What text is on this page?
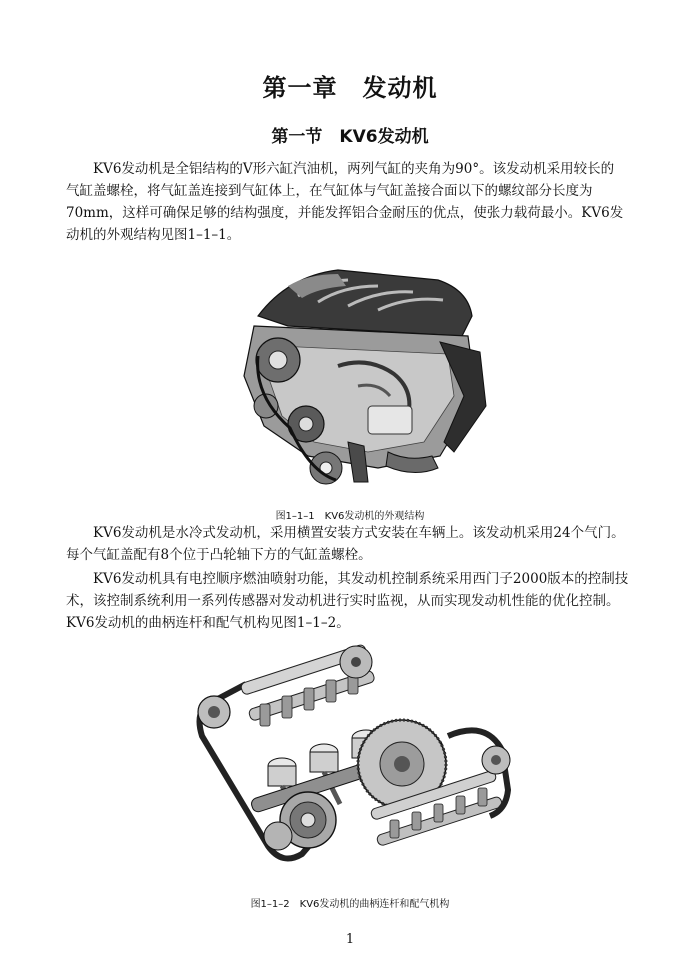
第一章　发动机
第一节　KV6发动机

KV6发动机是全铝结构的V形六缸汽油机，两列气缸的夹角为90°。该发动机采用较长的
气缸盖螺栓，将气缸盖连接到气缸体上，在气缸体与气缸盖接合面以下的螺纹部分长度为
70mm，这样可确保足够的结构强度，并能发挥铝合金耐压的优点，使张力载荷最小。KV6发
动机的外观结构见图1–1–1。

图1–1–1　KV6发动机的外观结构

KV6发动机是水冷式发动机，采用横置安装方式安装在车辆上。该发动机采用24个气门。
每个气缸盖配有8个位于凸轮轴下方的气缸盖螺栓。

KV6发动机具有电控顺序燃油喷射功能，其发动机控制系统采用西门子2000版本的控制技
术，该控制系统利用一系列传感器对发动机进行实时监视，从而实现发动机性能的优化控制。
KV6发动机的曲柄连杆和配气机构见图1–1–2。

图1–1–2　KV6发动机的曲柄连杆和配气机构
1
